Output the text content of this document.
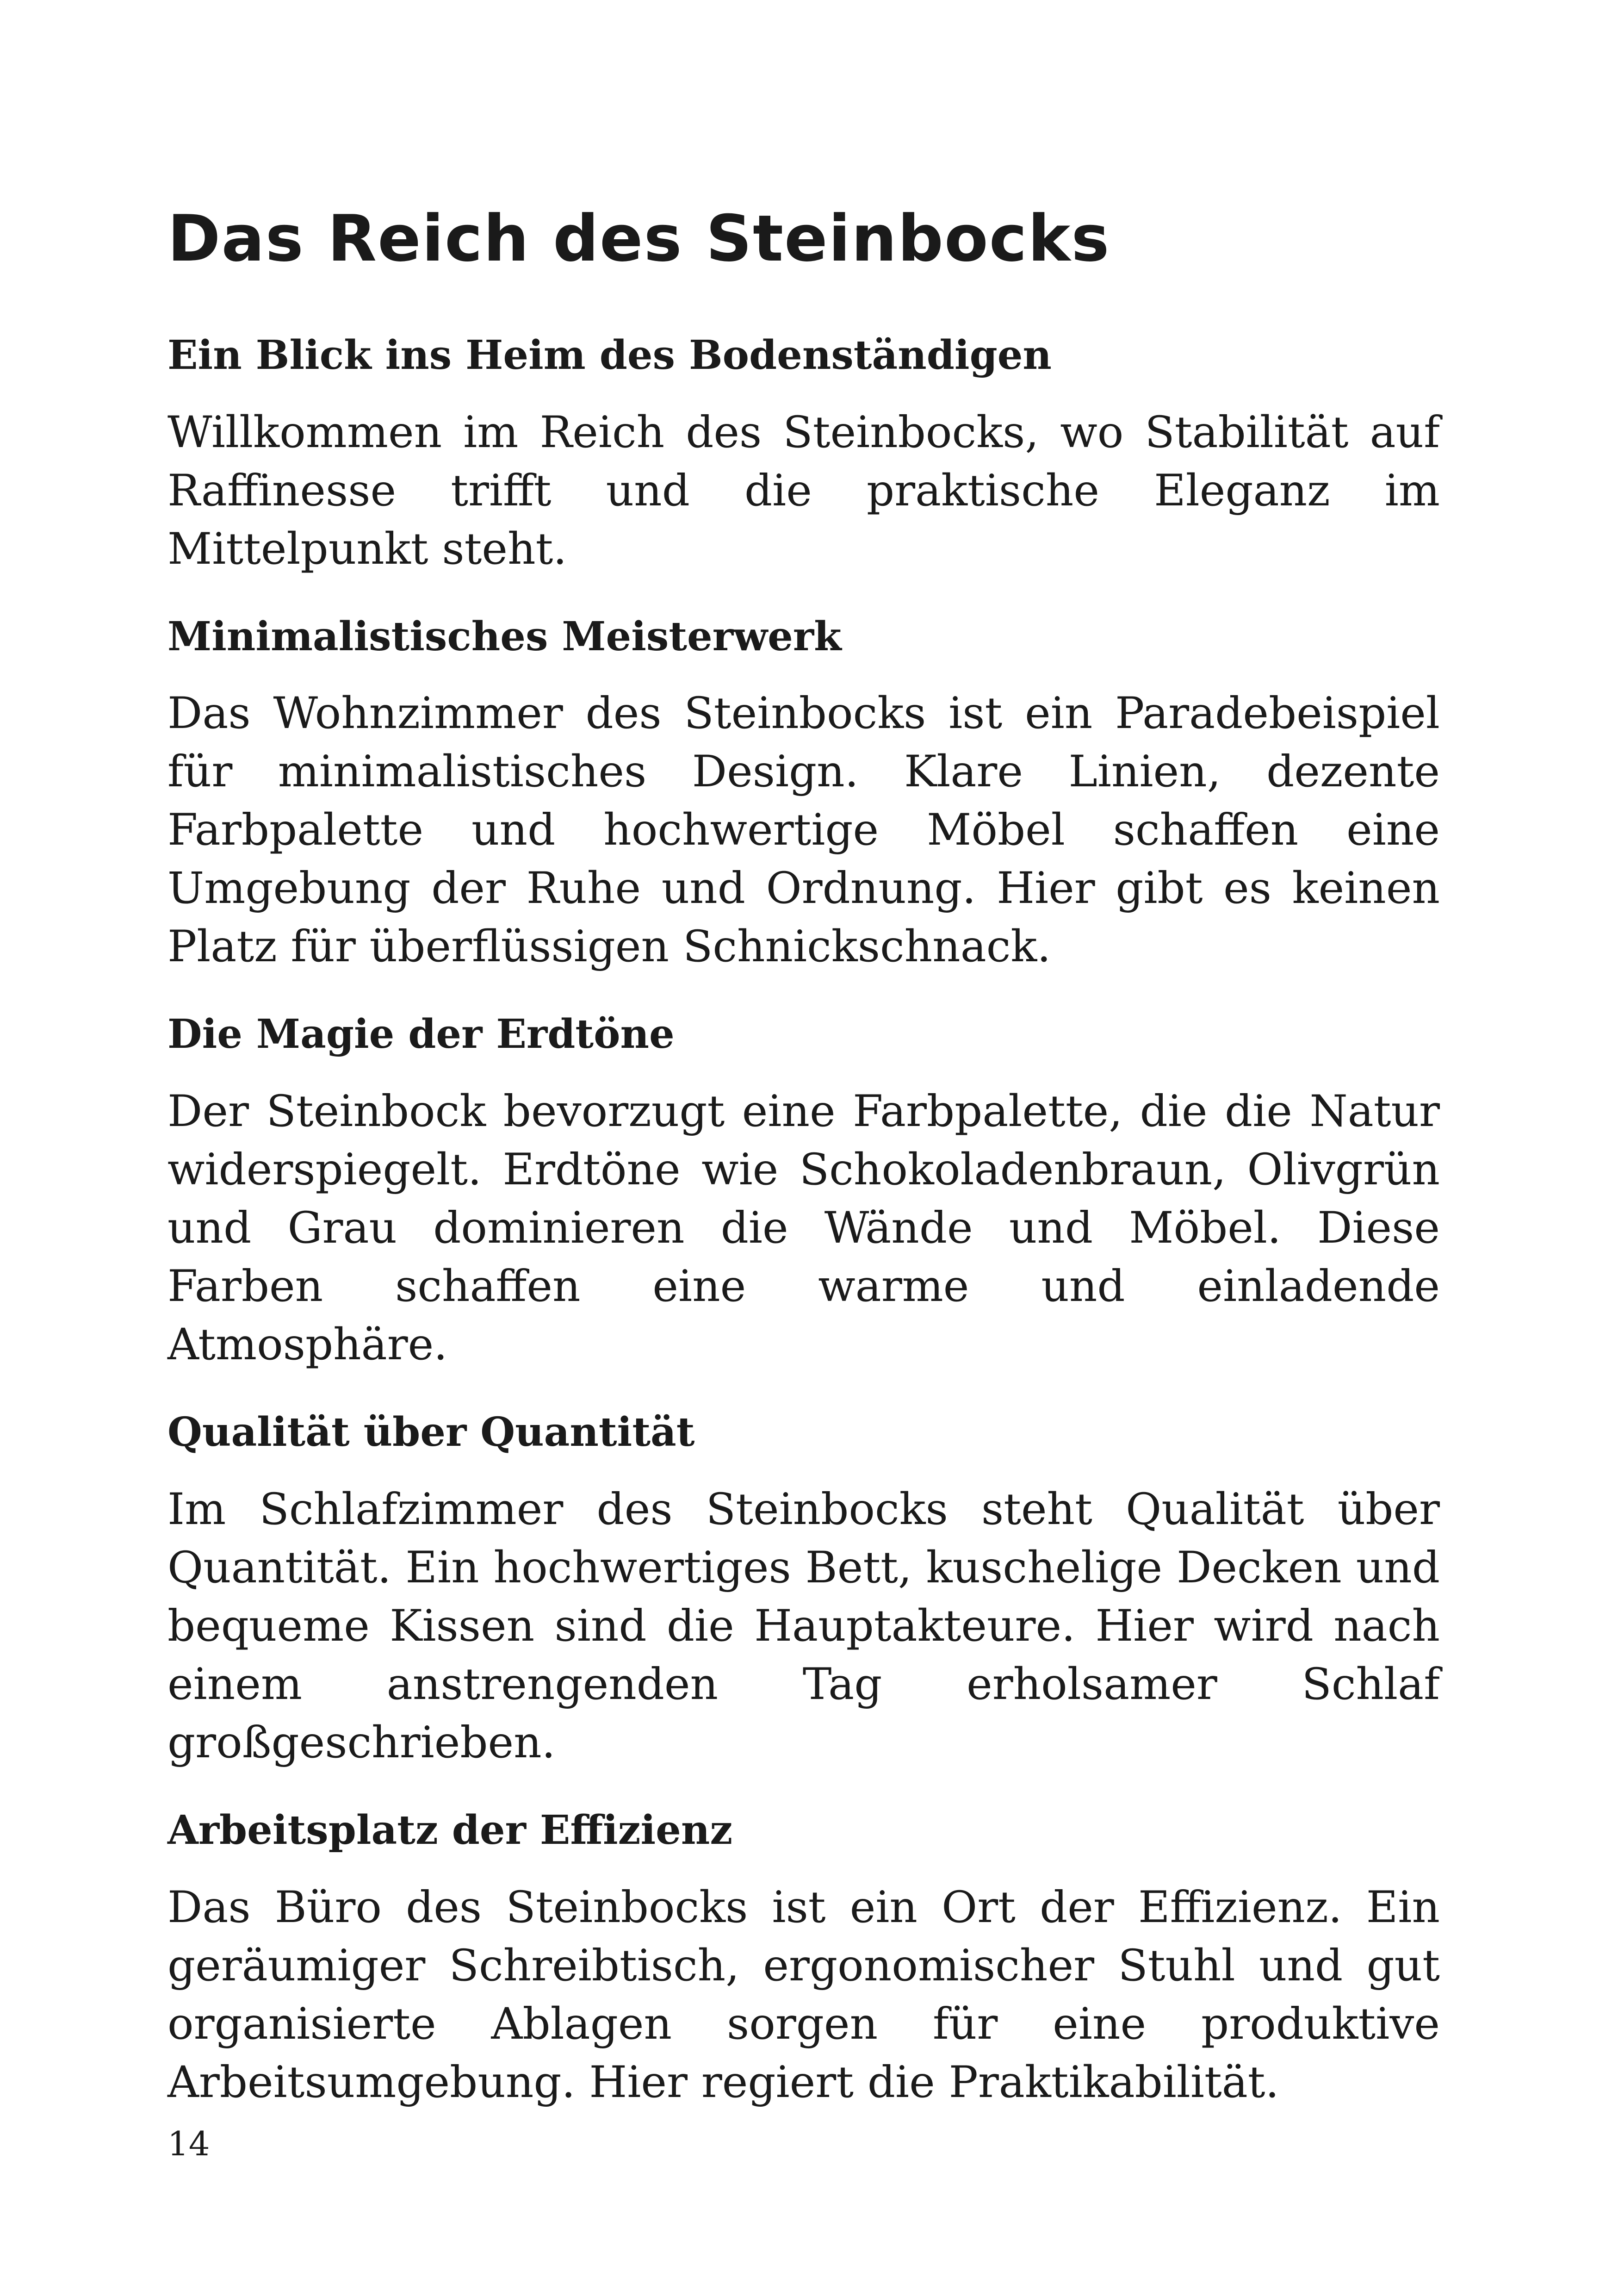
Das Reich des Steinbocks
Ein Blick ins Heim des Bodenständigen

Willkommen im Reich des Steinbocks, wo Stabilität auf Raffinesse trifft und die praktische Eleganz im Mittelpunkt steht.

Minimalistisches Meisterwerk

Das Wohnzimmer des Steinbocks ist ein Paradebeispiel für minimalistisches Design. Klare Linien, dezente Farbpalette und hochwertige Möbel schaffen eine Umgebung der Ruhe und Ordnung. Hier gibt es keinen Platz für überflüssigen Schnickschnack.

Die Magie der Erdtöne

Der Steinbock bevorzugt eine Farbpalette, die die Natur widerspiegelt. Erdtöne wie Schokoladenbraun, Olivgrün und Grau dominieren die Wände und Möbel. Diese Farben schaffen eine warme und einladende Atmosphäre.

Qualität über Quantität

Im Schlafzimmer des Steinbocks steht Qualität über Quantität. Ein hochwertiges Bett, kuschelige Decken und bequeme Kissen sind die Hauptakteure. Hier wird nach einem anstrengenden Tag erholsamer Schlaf großgeschrieben.

Arbeitsplatz der Effizienz

Das Büro des Steinbocks ist ein Ort der Effizienz. Ein geräumiger Schreibtisch, ergonomischer Stuhl und gut organisierte Ablagen sorgen für eine produktive Arbeitsumgebung. Hier regiert die Praktikabilität.

14
